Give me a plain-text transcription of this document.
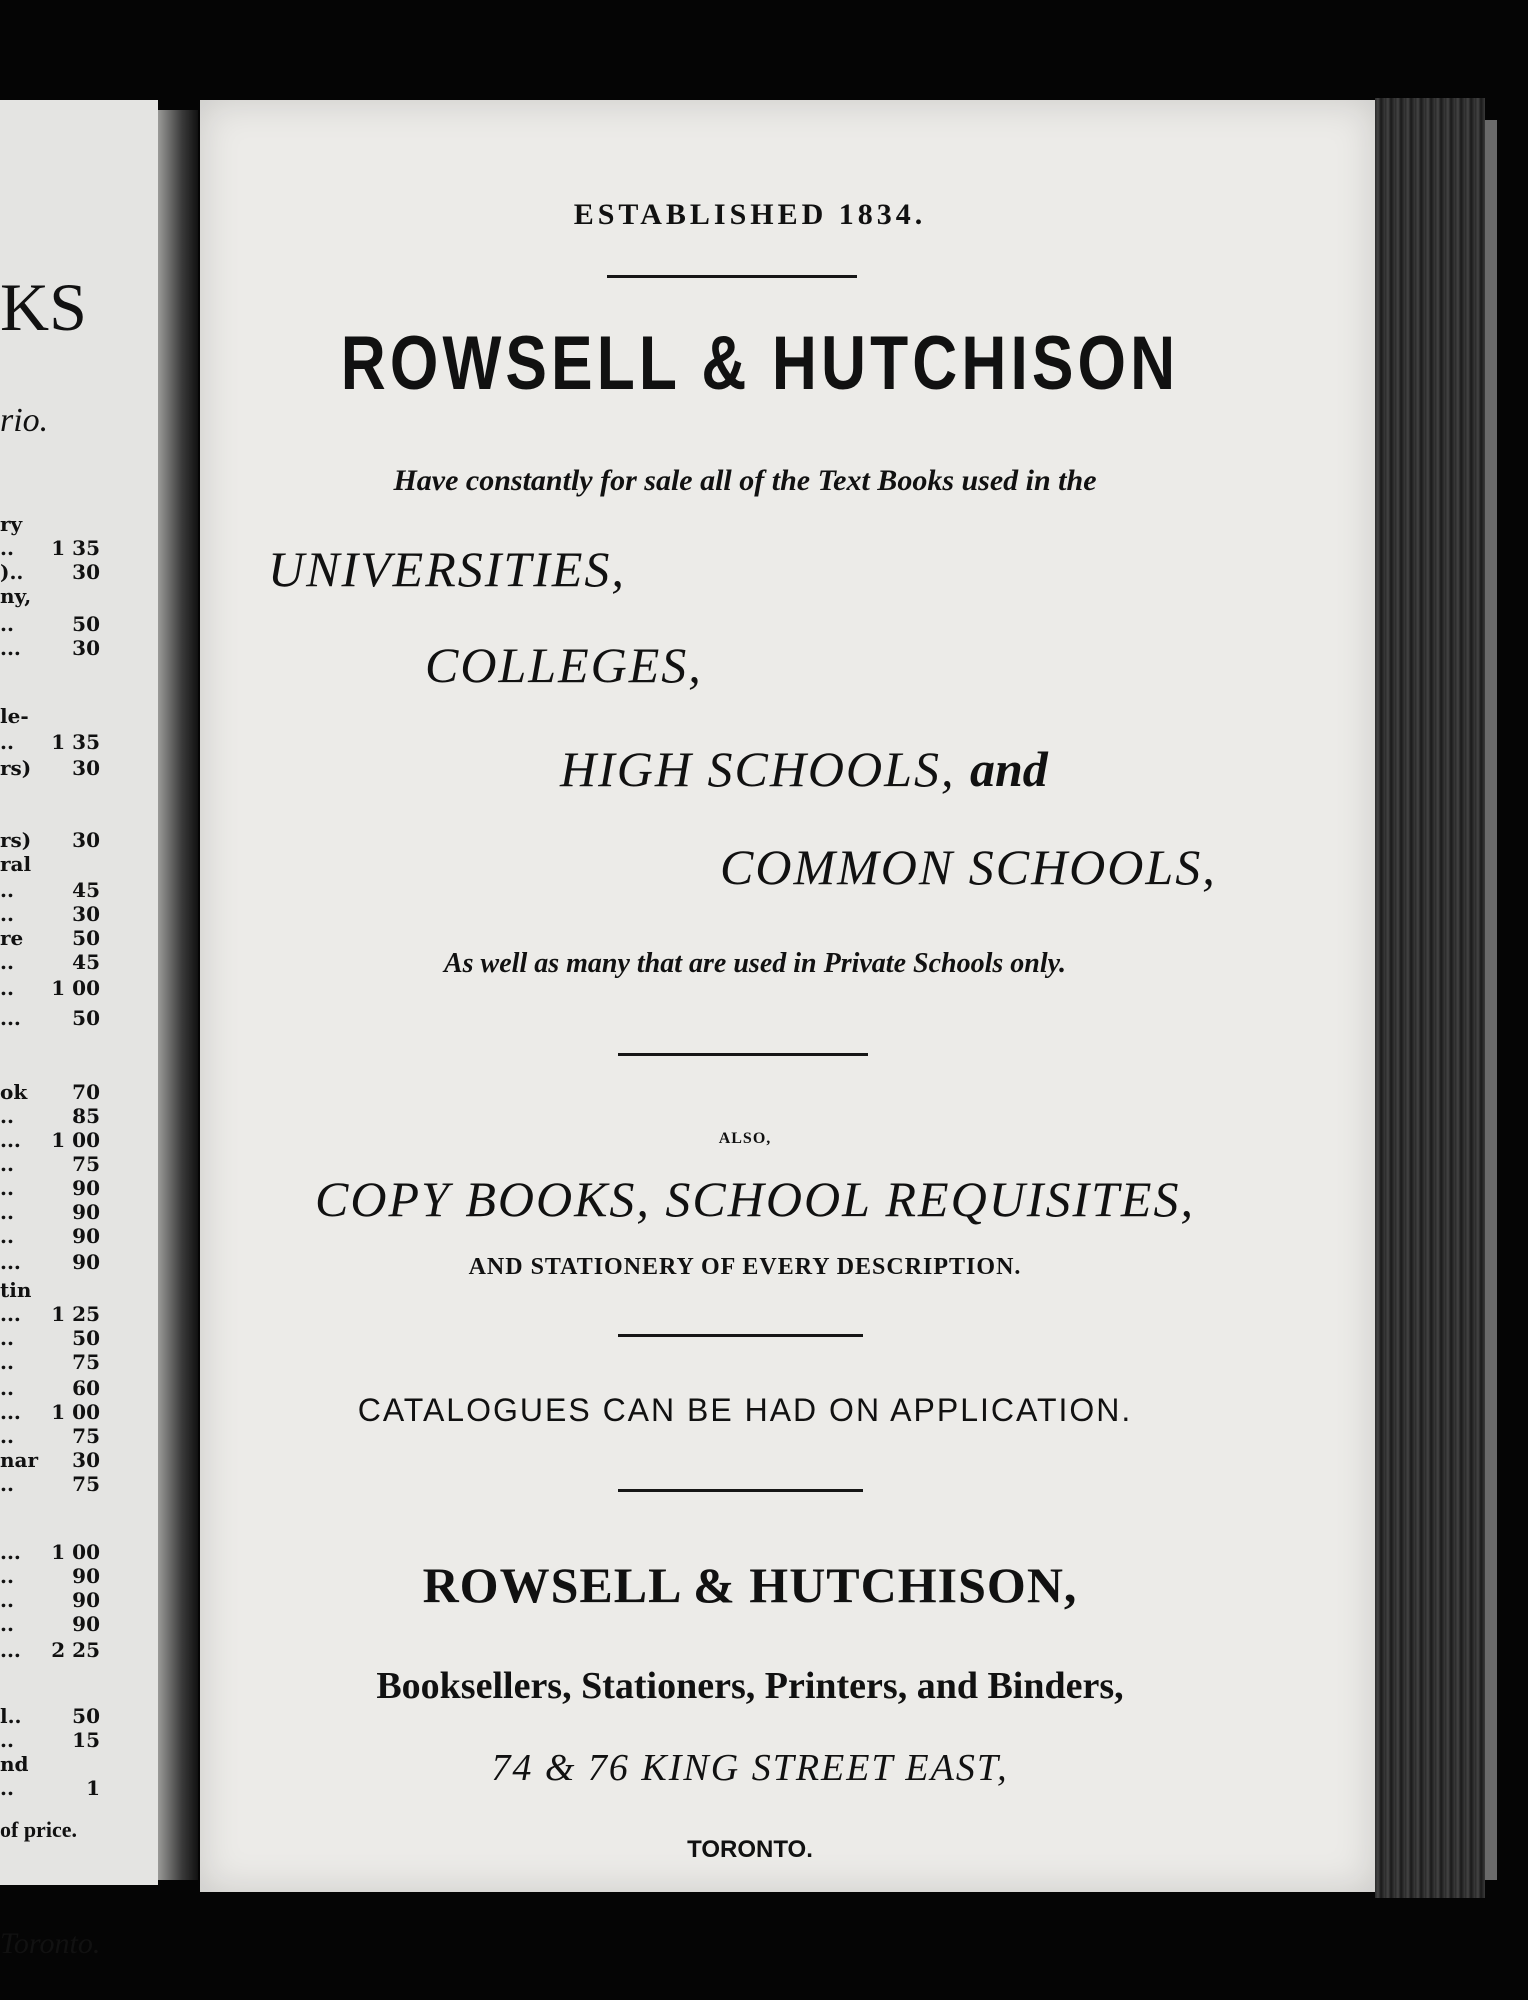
KS
rio.
ry
.. 1 35
).. 30
ny,
..	50
...	30
le-
.. 1 35
rs) 30
rs) 30
ral
..	45
..	30
re 50
..	45
.. 1 00
...	50
ok 70
..	85
... 1 00
..	75
..	90
..	90
..	90
...	90
tin
... 1 25
..	50
..	75
..	60
... 1 00
..	75
nar 30
..	75
... 1 00
..	90
..	90
..	90
... 2 25
l..	50
..	15
nd
..	1
of price.
Toronto.
ESTABLISHED 1834.
ROWSELL & HUTCHISON
Have constantly for sale all of the Text Books used in the
UNIVERSITIES,
COLLEGES,
HIGH SCHOOLS, and
COMMON SCHOOLS,
As well as many that are used in Private Schools only.
ALSO,
COPY BOOKS, SCHOOL REQUISITES,
AND STATIONERY OF EVERY DESCRIPTION.
CATALOGUES CAN BE HAD ON APPLICATION.
ROWSELL & HUTCHISON,
Booksellers, Stationers, Printers, and Binders,
74 & 76 KING STREET EAST,
TORONTO.
